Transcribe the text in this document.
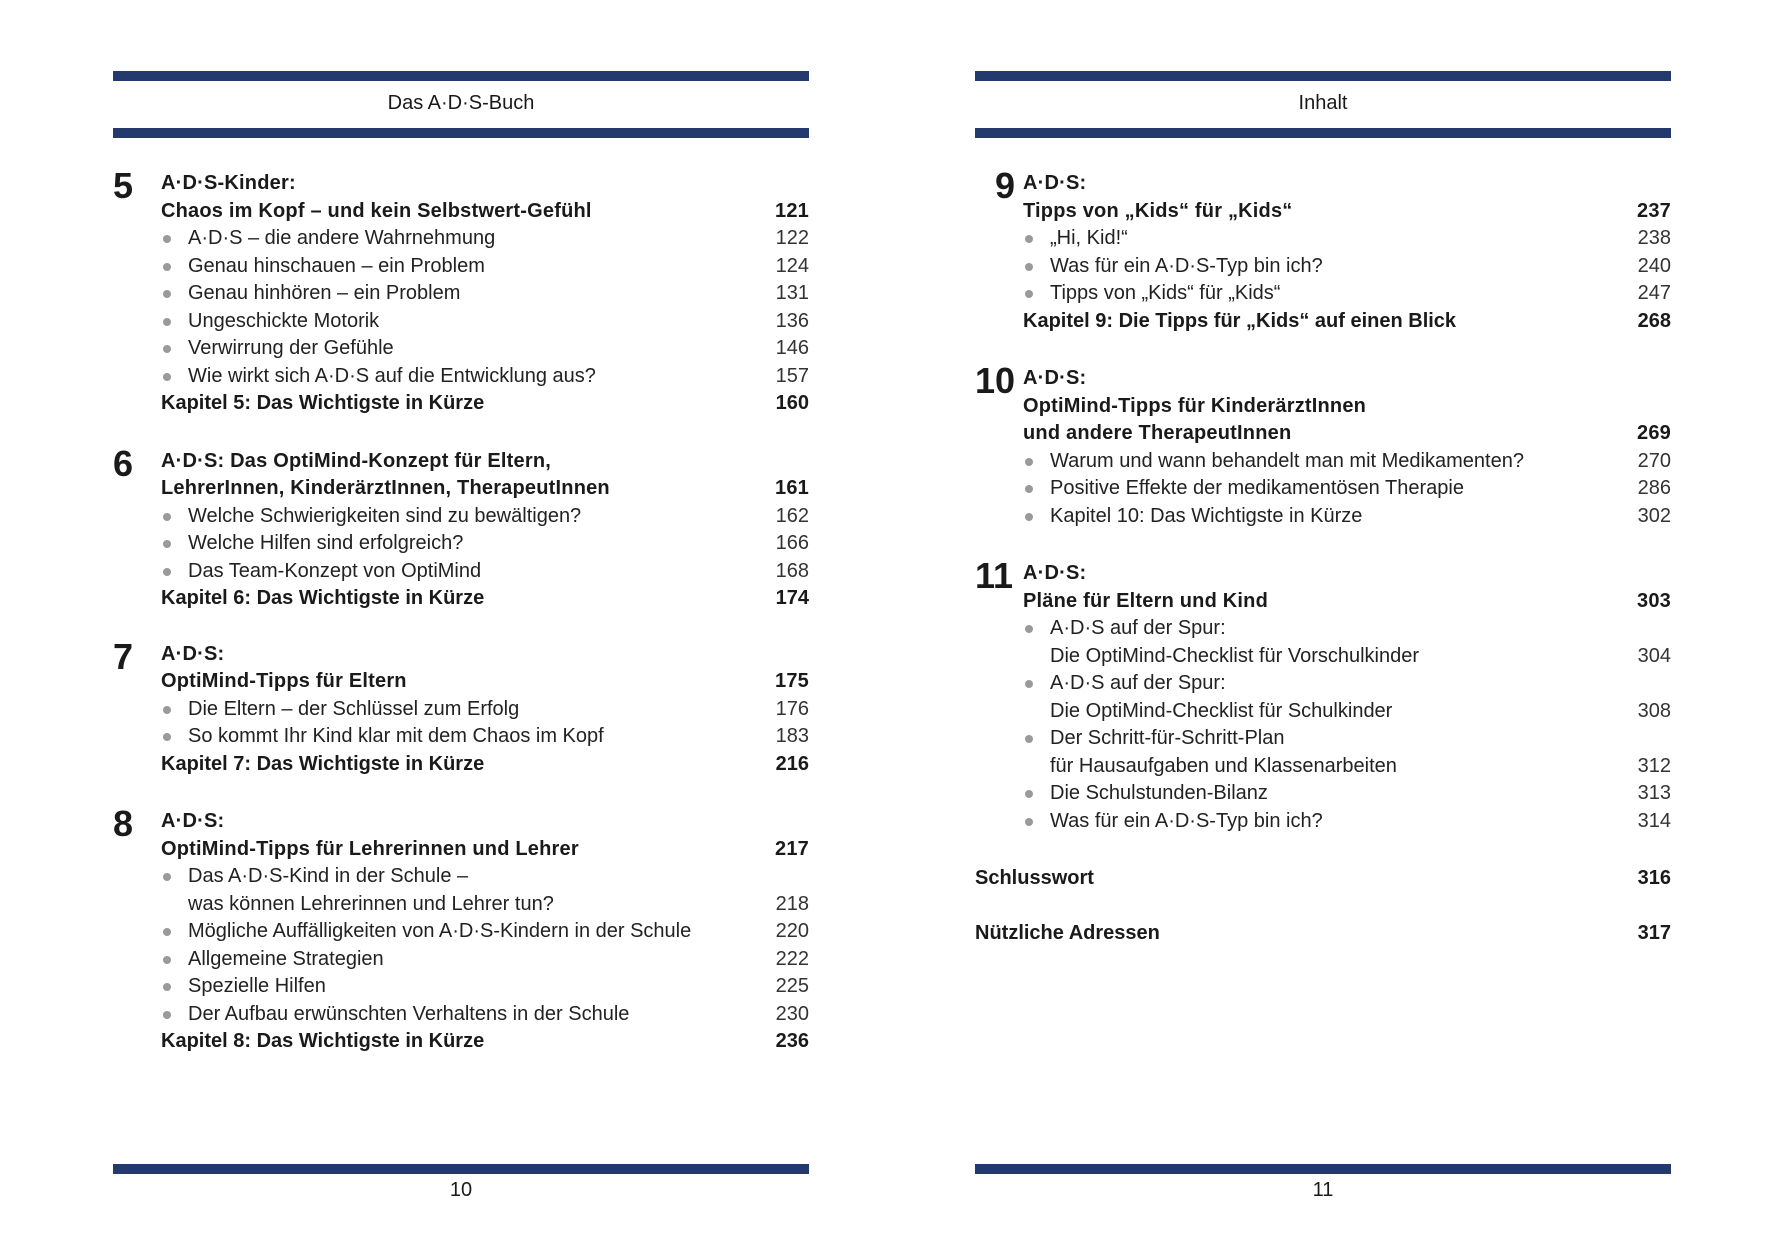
Das A·D·S-Buch
5 A·D·S-Kinder:
Chaos im Kopf – und kein Selbstwert-Gefühl	121
A·D·S – die andere Wahrnehmung	122
Genau hinschauen – ein Problem	124
Genau hinhören – ein Problem	131
Ungeschickte Motorik	136
Verwirrung der Gefühle	146
Wie wirkt sich A·D·S auf die Entwicklung aus?	157
Kapitel 5: Das Wichtigste in Kürze	160
6 A·D·S: Das OptiMind-Konzept für Eltern,
LehrerInnen, KinderärztInnen, TherapeutInnen	161
Welche Schwierigkeiten sind zu bewältigen?	162
Welche Hilfen sind erfolgreich?	166
Das Team-Konzept von OptiMind	168
Kapitel 6: Das Wichtigste in Kürze	174
7 A·D·S:
OptiMind-Tipps für Eltern	175
Die Eltern – der Schlüssel zum Erfolg	176
So kommt Ihr Kind klar mit dem Chaos im Kopf	183
Kapitel 7: Das Wichtigste in Kürze	216
8 A·D·S:
OptiMind-Tipps für Lehrerinnen und Lehrer	217
Das A·D·S-Kind in der Schule –
was können Lehrerinnen und Lehrer tun?	218
Mögliche Auffälligkeiten von A·D·S-Kindern in der Schule	220
Allgemeine Strategien	222
Spezielle Hilfen	225
Der Aufbau erwünschten Verhaltens in der Schule	230
Kapitel 8: Das Wichtigste in Kürze	236
10
Inhalt
9 A·D·S:
Tipps von „Kids“ für „Kids“	237
„Hi, Kid!“	238
Was für ein A·D·S-Typ bin ich?	240
Tipps von „Kids“ für „Kids“	247
Kapitel 9: Die Tipps für „Kids“ auf einen Blick	268
10 A·D·S:
OptiMind-Tipps für KinderärztInnen
und andere TherapeutInnen	269
Warum und wann behandelt man mit Medikamenten?	270
Positive Effekte der medikamentösen Therapie	286
Kapitel 10: Das Wichtigste in Kürze	302
11 A·D·S:
Pläne für Eltern und Kind	303
A·D·S auf der Spur:
Die OptiMind-Checklist für Vorschulkinder	304
A·D·S auf der Spur:
Die OptiMind-Checklist für Schulkinder	308
Der Schritt-für-Schritt-Plan
für Hausaufgaben und Klassenarbeiten	312
Die Schulstunden-Bilanz	313
Was für ein A·D·S-Typ bin ich?	314
Schlusswort	316
Nützliche Adressen	317
11
